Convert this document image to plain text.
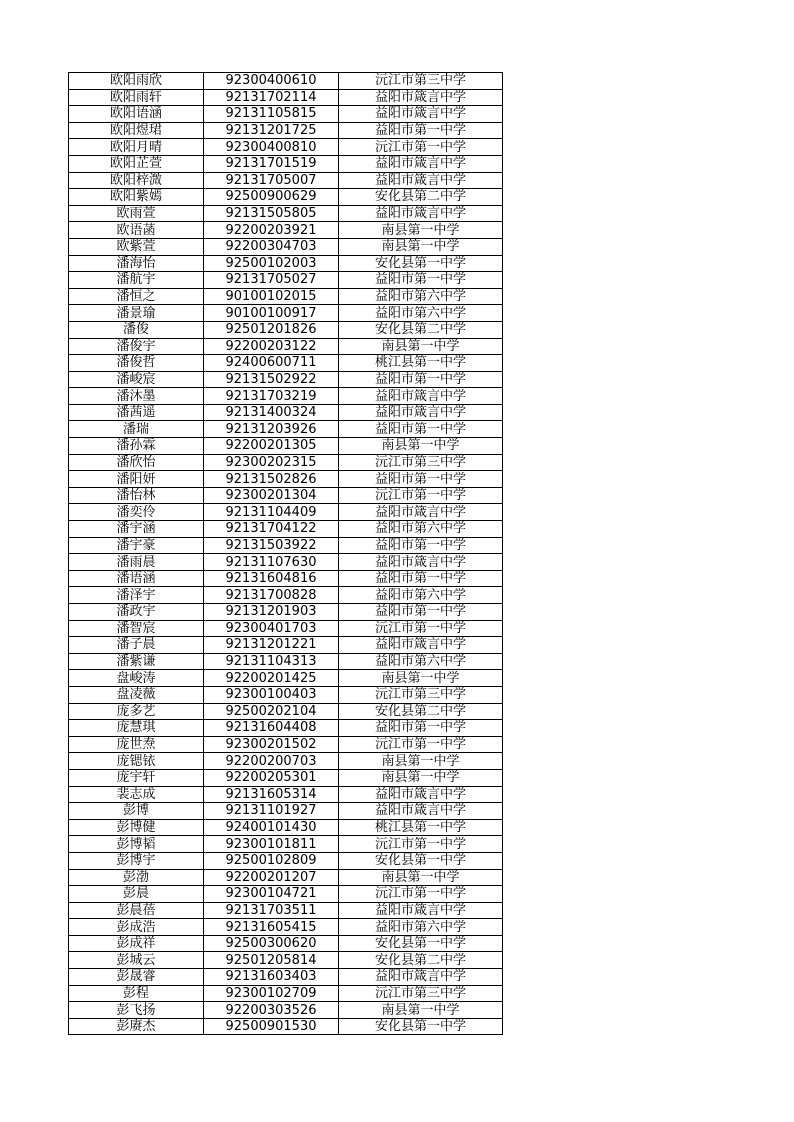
欧阳雨欣	92300400610	沅江市第三中学
欧阳雨轩	92131702114	益阳市箴言中学
欧阳语涵	92131105815	益阳市箴言中学
欧阳煜珺	92131201725	益阳市第一中学
欧阳月晴	92300400810	沅江市第一中学
欧阳芷萱	92131701519	益阳市箴言中学
欧阳梓溦	92131705007	益阳市箴言中学
欧阳紫嫣	92500900629	安化县第二中学
欧雨萱	92131505805	益阳市箴言中学
欧语菡	92200203921	南县第一中学
欧紫萱	92200304703	南县第一中学
潘海怡	92500102003	安化县第一中学
潘航宇	92131705027	益阳市第一中学
潘恒之	90100102015	益阳市第六中学
潘景瑜	90100100917	益阳市第六中学
潘俊	92501201826	安化县第二中学
潘俊宇	92200203122	南县第一中学
潘俊哲	92400600711	桃江县第一中学
潘峻宸	92131502922	益阳市第一中学
潘沐墨	92131703219	益阳市箴言中学
潘茜遥	92131400324	益阳市箴言中学
潘瑞	92131203926	益阳市第一中学
潘孙霖	92200201305	南县第一中学
潘欣怡	92300202315	沅江市第三中学
潘阳妍	92131502826	益阳市第一中学
潘怡林	92300201304	沅江市第一中学
潘奕伶	92131104409	益阳市箴言中学
潘宇涵	92131704122	益阳市第六中学
潘宇豪	92131503922	益阳市第一中学
潘雨晨	92131107630	益阳市箴言中学
潘语涵	92131604816	益阳市第一中学
潘泽宇	92131700828	益阳市第六中学
潘政宇	92131201903	益阳市第一中学
潘智宸	92300401703	沅江市第一中学
潘子晨	92131201221	益阳市箴言中学
潘紫谦	92131104313	益阳市第六中学
盘峻涛	92200201425	南县第一中学
盘凌薇	92300100403	沅江市第三中学
庞多艺	92500202104	安化县第二中学
庞慧琪	92131604408	益阳市第一中学
庞世焘	92300201502	沅江市第一中学
庞锶铱	92200200703	南县第一中学
庞宇轩	92200205301	南县第一中学
裴志成	92131605314	益阳市箴言中学
彭博	92131101927	益阳市箴言中学
彭博健	92400101430	桃江县第一中学
彭博韬	92300101811	沅江市第一中学
彭博宇	92500102809	安化县第一中学
彭渤	92200201207	南县第一中学
彭晨	92300104721	沅江市第一中学
彭晨蓓	92131703511	益阳市箴言中学
彭成浩	92131605415	益阳市第六中学
彭成祥	92500300620	安化县第一中学
彭城云	92501205814	安化县第二中学
彭晟睿	92131603403	益阳市箴言中学
彭程	92300102709	沅江市第三中学
彭飞扬	92200303526	南县第一中学
彭赓杰	92500901530	安化县第一中学
